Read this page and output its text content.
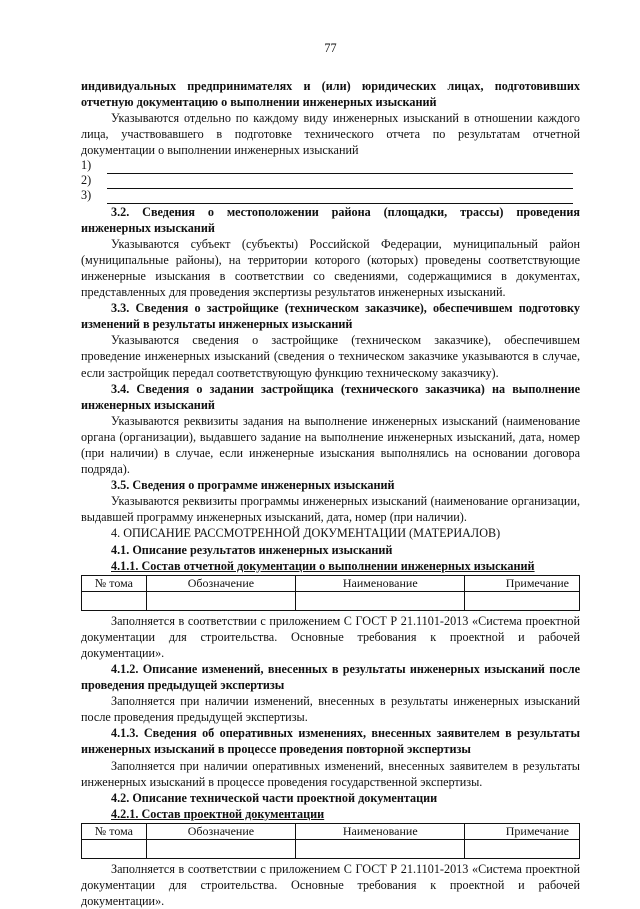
77

индивидуальных предпринимателях и (или) юридических лицах, подготовивших отчетную документацию о выполнении инженерных изысканий

Указываются отдельно по каждому виду инженерных изысканий в отношении каждого лица, участвовавшего в подготовке технического отчета по результатам отчетной документации о выполнении инженерных изысканий

1)
2)
3)

3.2. Сведения о местоположении района (площадки, трассы) проведения инженерных изысканий

Указываются субъект (субъекты) Российской Федерации, муниципальный район (муниципальные районы), на территории которого (которых) проведены соответствующие инженерные изыскания в соответствии со сведениями, содержащимися в документах, представленных для проведения экспертизы результатов инженерных изысканий.

3.3. Сведения о застройщике (техническом заказчике), обеспечившем подготовку изменений в результаты инженерных изысканий

Указываются сведения о застройщике (техническом заказчике), обеспечившем проведение инженерных изысканий (сведения о техническом заказчике указываются в случае, если застройщик передал соответствующую функцию техническому заказчику).

3.4. Сведения о задании застройщика (технического заказчика) на выполнение инженерных изысканий

Указываются реквизиты задания на выполнение инженерных изысканий (наименование органа (организации), выдавшего задание на выполнение инженерных изысканий, дата, номер (при наличии) в случае, если инженерные изыскания выполнялись на основании договора подряда).

3.5. Сведения о программе инженерных изысканий

Указываются реквизиты программы инженерных изысканий (наименование организации, выдавшей программу инженерных изысканий, дата, номер (при наличии).

4. ОПИСАНИЕ РАССМОТРЕННОЙ ДОКУМЕНТАЦИИ (МАТЕРИАЛОВ)

4.1. Описание результатов инженерных изысканий

4.1.1. Состав отчетной документации о выполнении инженерных изысканий

№ тома	Обозначение	Наименование	Примечание

Заполняется в соответствии с приложением С ГОСТ Р 21.1101-2013 «Система проектной документации для строительства. Основные требования к проектной и рабочей документации».

4.1.2. Описание изменений, внесенных в результаты инженерных изысканий после проведения предыдущей экспертизы

Заполняется при наличии изменений, внесенных в результаты инженерных изысканий после проведения предыдущей экспертизы.

4.1.3. Сведения об оперативных изменениях, внесенных заявителем в результаты инженерных изысканий в процессе проведения повторной экспертизы

Заполняется при наличии оперативных изменений, внесенных заявителем в результаты инженерных изысканий в процессе проведения государственной экспертизы.

4.2. Описание технической части проектной документации

4.2.1. Состав проектной документации

№ тома	Обозначение	Наименование	Примечание

Заполняется в соответствии с приложением С ГОСТ Р 21.1101-2013 «Система проектной документации для строительства. Основные требования к проектной и рабочей документации».
